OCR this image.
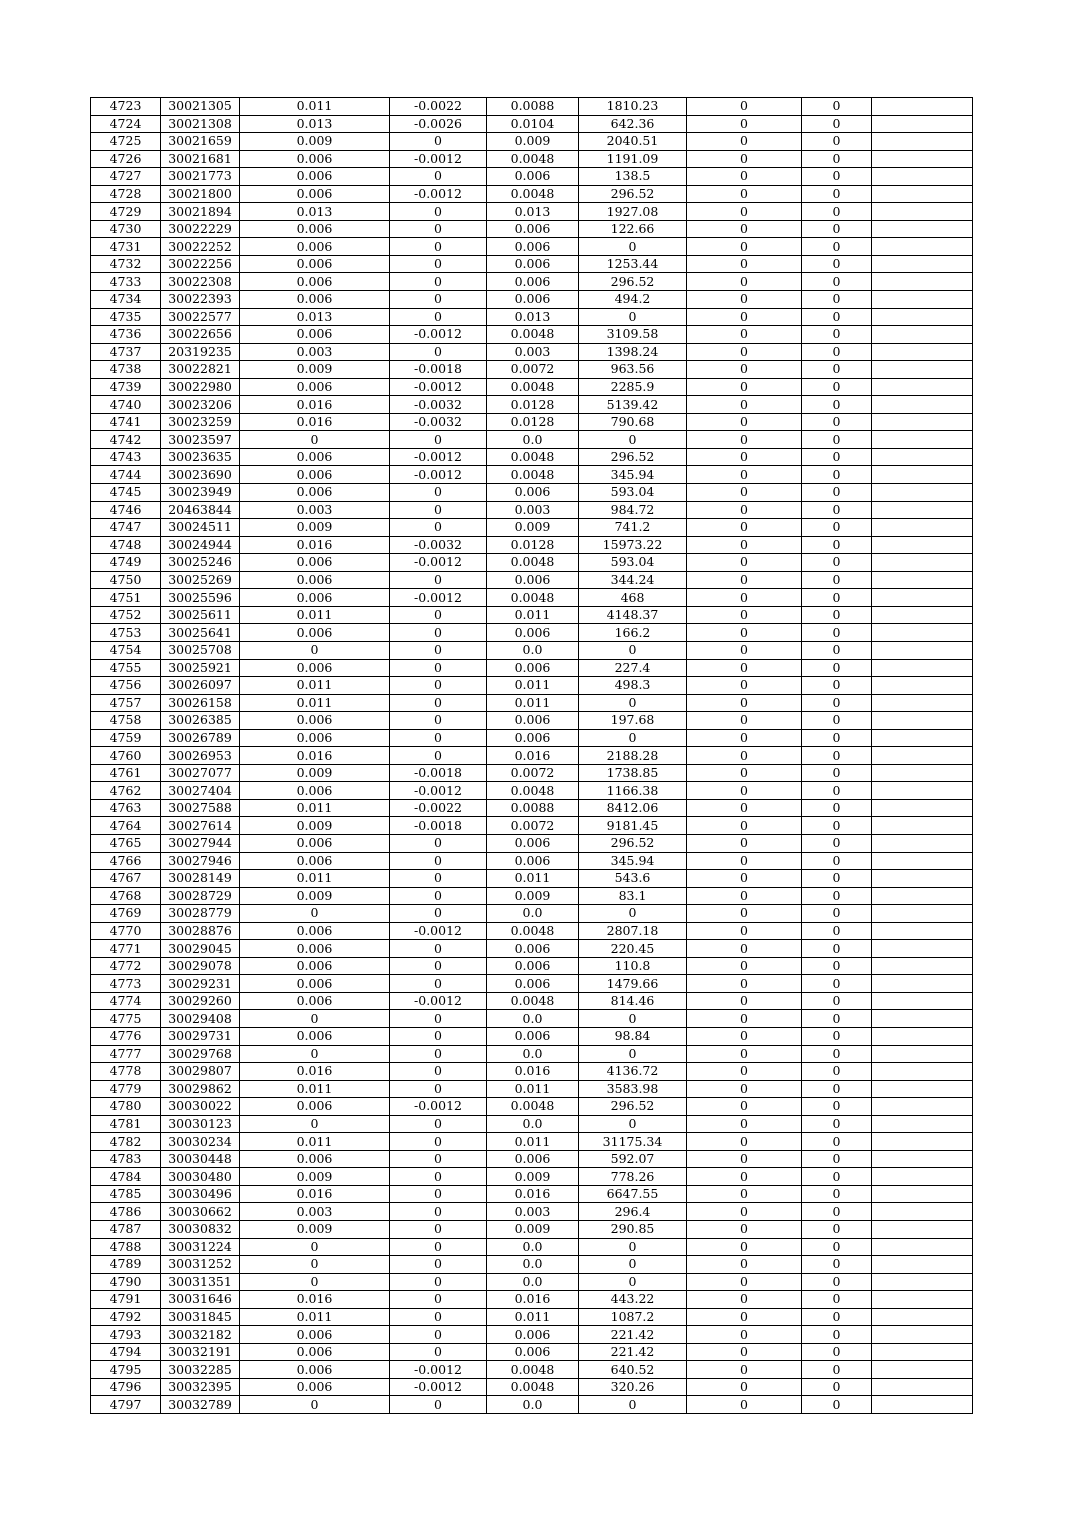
4723	30021305	0.011	-0.0022	0.0088	1810.23	0	0	
4724	30021308	0.013	-0.0026	0.0104	642.36	0	0	
4725	30021659	0.009	0	0.009	2040.51	0	0	
4726	30021681	0.006	-0.0012	0.0048	1191.09	0	0	
4727	30021773	0.006	0	0.006	138.5	0	0	
4728	30021800	0.006	-0.0012	0.0048	296.52	0	0	
4729	30021894	0.013	0	0.013	1927.08	0	0	
4730	30022229	0.006	0	0.006	122.66	0	0	
4731	30022252	0.006	0	0.006	0	0	0	
4732	30022256	0.006	0	0.006	1253.44	0	0	
4733	30022308	0.006	0	0.006	296.52	0	0	
4734	30022393	0.006	0	0.006	494.2	0	0	
4735	30022577	0.013	0	0.013	0	0	0	
4736	30022656	0.006	-0.0012	0.0048	3109.58	0	0	
4737	20319235	0.003	0	0.003	1398.24	0	0	
4738	30022821	0.009	-0.0018	0.0072	963.56	0	0	
4739	30022980	0.006	-0.0012	0.0048	2285.9	0	0	
4740	30023206	0.016	-0.0032	0.0128	5139.42	0	0	
4741	30023259	0.016	-0.0032	0.0128	790.68	0	0	
4742	30023597	0	0	0.0	0	0	0	
4743	30023635	0.006	-0.0012	0.0048	296.52	0	0	
4744	30023690	0.006	-0.0012	0.0048	345.94	0	0	
4745	30023949	0.006	0	0.006	593.04	0	0	
4746	20463844	0.003	0	0.003	984.72	0	0	
4747	30024511	0.009	0	0.009	741.2	0	0	
4748	30024944	0.016	-0.0032	0.0128	15973.22	0	0	
4749	30025246	0.006	-0.0012	0.0048	593.04	0	0	
4750	30025269	0.006	0	0.006	344.24	0	0	
4751	30025596	0.006	-0.0012	0.0048	468	0	0	
4752	30025611	0.011	0	0.011	4148.37	0	0	
4753	30025641	0.006	0	0.006	166.2	0	0	
4754	30025708	0	0	0.0	0	0	0	
4755	30025921	0.006	0	0.006	227.4	0	0	
4756	30026097	0.011	0	0.011	498.3	0	0	
4757	30026158	0.011	0	0.011	0	0	0	
4758	30026385	0.006	0	0.006	197.68	0	0	
4759	30026789	0.006	0	0.006	0	0	0	
4760	30026953	0.016	0	0.016	2188.28	0	0	
4761	30027077	0.009	-0.0018	0.0072	1738.85	0	0	
4762	30027404	0.006	-0.0012	0.0048	1166.38	0	0	
4763	30027588	0.011	-0.0022	0.0088	8412.06	0	0	
4764	30027614	0.009	-0.0018	0.0072	9181.45	0	0	
4765	30027944	0.006	0	0.006	296.52	0	0	
4766	30027946	0.006	0	0.006	345.94	0	0	
4767	30028149	0.011	0	0.011	543.6	0	0	
4768	30028729	0.009	0	0.009	83.1	0	0	
4769	30028779	0	0	0.0	0	0	0	
4770	30028876	0.006	-0.0012	0.0048	2807.18	0	0	
4771	30029045	0.006	0	0.006	220.45	0	0	
4772	30029078	0.006	0	0.006	110.8	0	0	
4773	30029231	0.006	0	0.006	1479.66	0	0	
4774	30029260	0.006	-0.0012	0.0048	814.46	0	0	
4775	30029408	0	0	0.0	0	0	0	
4776	30029731	0.006	0	0.006	98.84	0	0	
4777	30029768	0	0	0.0	0	0	0	
4778	30029807	0.016	0	0.016	4136.72	0	0	
4779	30029862	0.011	0	0.011	3583.98	0	0	
4780	30030022	0.006	-0.0012	0.0048	296.52	0	0	
4781	30030123	0	0	0.0	0	0	0	
4782	30030234	0.011	0	0.011	31175.34	0	0	
4783	30030448	0.006	0	0.006	592.07	0	0	
4784	30030480	0.009	0	0.009	778.26	0	0	
4785	30030496	0.016	0	0.016	6647.55	0	0	
4786	30030662	0.003	0	0.003	296.4	0	0	
4787	30030832	0.009	0	0.009	290.85	0	0	
4788	30031224	0	0	0.0	0	0	0	
4789	30031252	0	0	0.0	0	0	0	
4790	30031351	0	0	0.0	0	0	0	
4791	30031646	0.016	0	0.016	443.22	0	0	
4792	30031845	0.011	0	0.011	1087.2	0	0	
4793	30032182	0.006	0	0.006	221.42	0	0	
4794	30032191	0.006	0	0.006	221.42	0	0	
4795	30032285	0.006	-0.0012	0.0048	640.52	0	0	
4796	30032395	0.006	-0.0012	0.0048	320.26	0	0	
4797	30032789	0	0	0.0	0	0	0	
